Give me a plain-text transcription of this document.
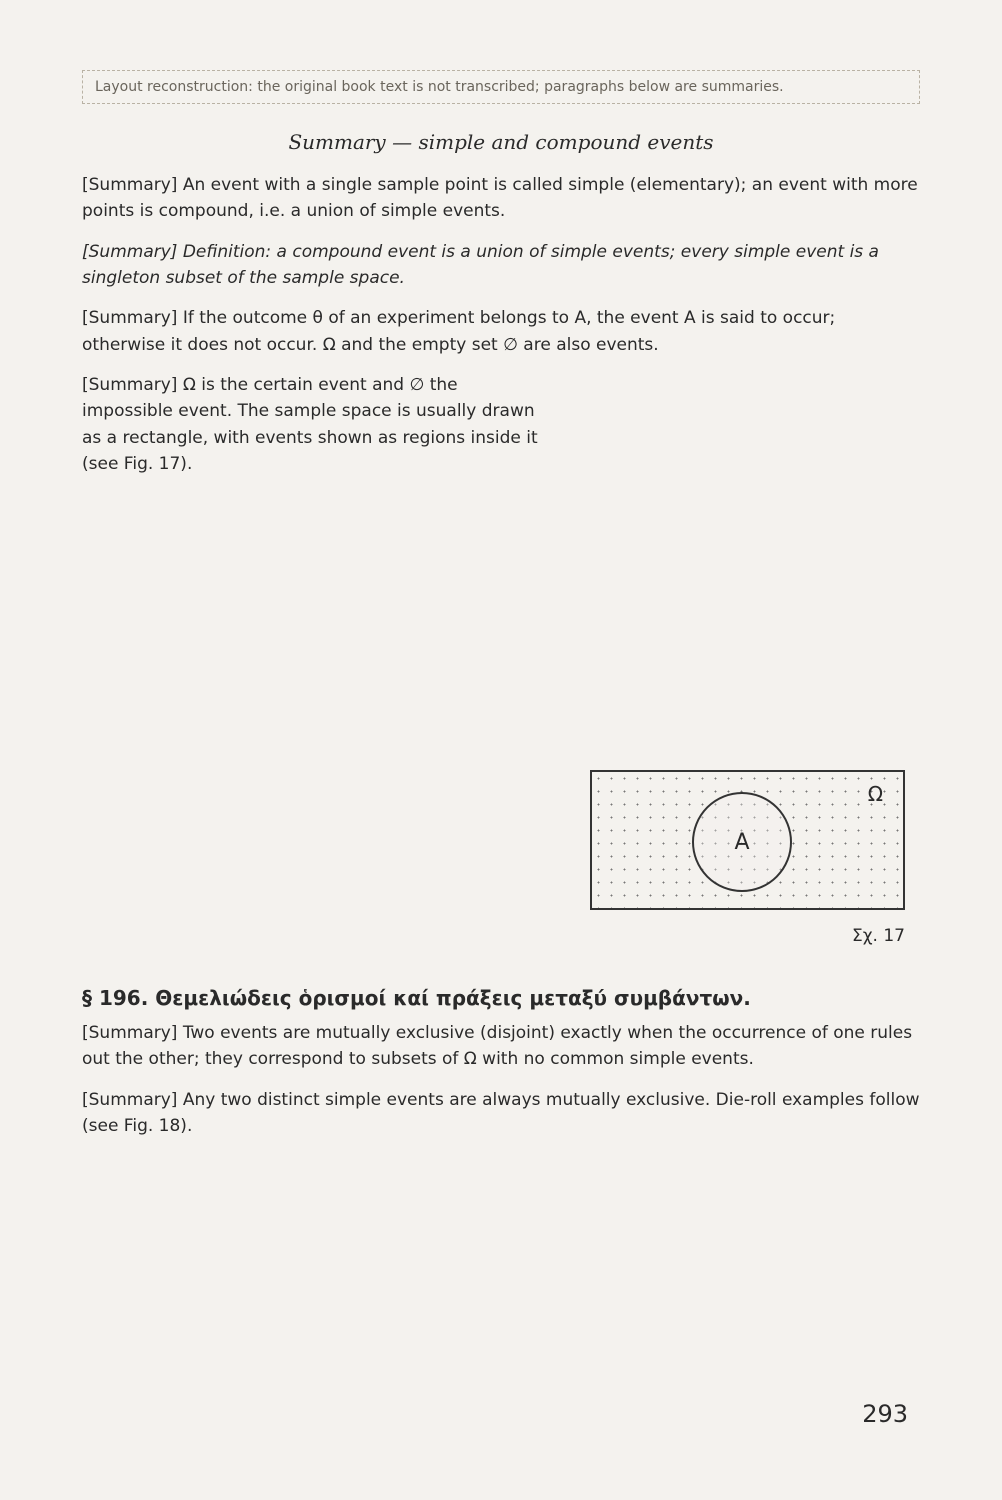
Layout reconstruction: the original book text is not transcribed; paragraphs below are summaries.
Summary — simple and compound events

[Summary] An event with a single sample point is called simple (elementary); an event with more points is compound, i.e. a union of simple events.

[Summary] Definition: a compound event is a union of simple events; every simple event is a singleton subset of the sample space.

[Summary] If the outcome θ of an experiment belongs to A, the event A is said to occur; otherwise it does not occur. Ω and the empty set ∅ are also events.

[Summary] Ω is the certain event and ∅ the impossible event. The sample space is usually drawn as a rectangle, with events shown as regions inside it (see Fig. 17).

A
Ω
Σχ. 17
§ 196. Θεμελιώδεις ὁρισμοί καί πράξεις μεταξύ συμβάντων.

[Summary] Two events are mutually exclusive (disjoint) exactly when the occurrence of one rules out the other; they correspond to subsets of Ω with no common simple events.

[Summary] Any two distinct simple events are always mutually exclusive. Die-roll examples follow (see Fig. 18).

293
